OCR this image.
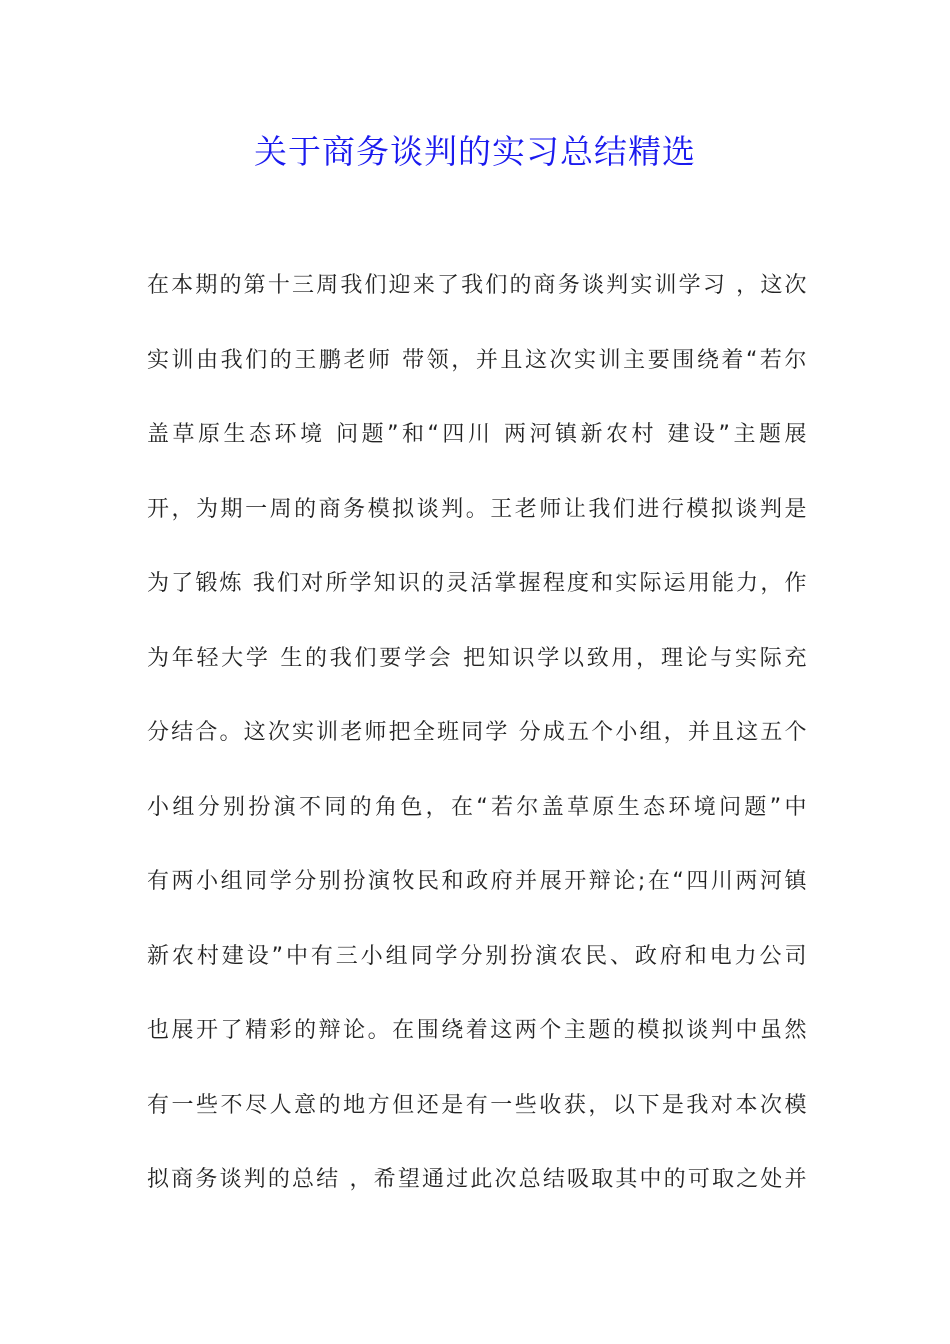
关于商务谈判的实习总结精选
在本期的第十三周我们迎来了我们的商务谈判实训学习 ，这次
实训由我们的王鹏老师 带领，并且这次实训主要围绕着“若尔
盖草原生态环境 问题”和“四川 两河镇新农村 建设”主题展
开，为期一周的商务模拟谈判。王老师让我们进行模拟谈判是
为了锻炼 我们对所学知识的灵活掌握程度和实际运用能力，作
为年轻大学 生的我们要学会 把知识学以致用，理论与实际充
分结合。这次实训老师把全班同学 分成五个小组，并且这五个
小组分别扮演不同的角色，在“若尔盖草原生态环境问题”中
有两小组同学分别扮演牧民和政府并展开辩论;在“四川两河镇
新农村建设”中有三小组同学分别扮演农民、政府和电力公司
也展开了精彩的辩论。在围绕着这两个主题的模拟谈判中虽然
有一些不尽人意的地方但还是有一些收获，以下是我对本次模
拟商务谈判的总结 ，希望通过此次总结吸取其中的可取之处并
